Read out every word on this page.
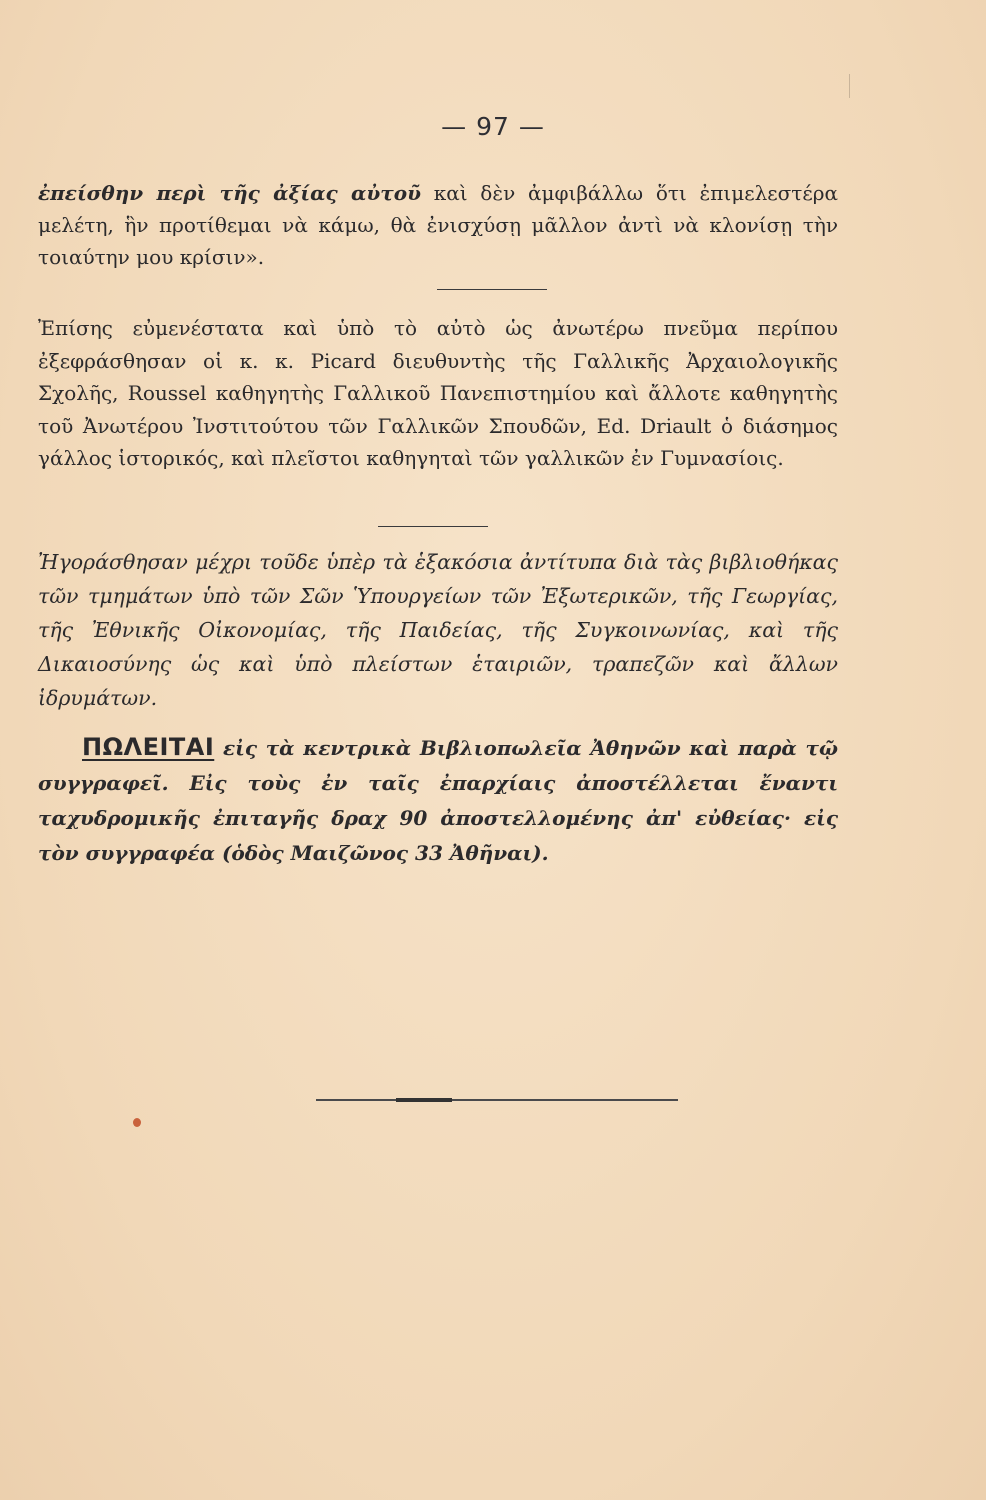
— 97 —
ἐπείσθην περὶ τῆς ἀξίας αὐτοῦ καὶ δὲν ἀμφιβάλλω ὅτι ἐπιμελεστέρα μελέτη, ἣν προτίθεμαι νὰ κάμω, θὰ ἐνισχύσῃ μᾶλλον ἀντὶ νὰ κλονίσῃ τὴν τοιαύτην μου κρίσιν».
Ἐπίσης εὐμενέστατα καὶ ὑπὸ τὸ αὐτὸ ὡς ἀνωτέρω πνεῦμα περίπου ἐξεφράσθησαν οἱ κ. κ. Picard διευθυντὴς τῆς Γαλλικῆς Ἀρχαιολογικῆς Σχολῆς, Roussel καθηγητὴς Γαλλικοῦ Πανεπιστημίου καὶ ἄλλοτε καθηγητὴς τοῦ Ἀνωτέρου Ἰνστιτούτου τῶν Γαλλικῶν Σπουδῶν, Ed. Driault ὁ διάσημος γάλλος ἱστορικός, καὶ πλεῖστοι καθηγηταὶ τῶν γαλλικῶν ἐν Γυμνασίοις.
Ἠγοράσθησαν μέχρι τοῦδε ὑπὲρ τὰ ἑξακόσια ἀντίτυπα διὰ τὰς βιβλιοθήκας τῶν τμημάτων ὑπὸ τῶν Σῶν Ὑπουργείων τῶν Ἐξωτερικῶν, τῆς Γεωργίας, τῆς Ἐθνικῆς Οἰκονομίας, τῆς Παιδείας, τῆς Συγκοινωνίας, καὶ τῆς Δικαιοσύνης ὡς καὶ ὑπὸ πλείστων ἑταιριῶν, τραπεζῶν καὶ ἄλλων ἱδρυμάτων.
ΠΩΛΕΙΤΑΙ εἰς τὰ κεντρικὰ Βιβλιοπωλεῖα Ἀθηνῶν καὶ παρὰ τῷ συγγραφεῖ. Εἰς τοὺς ἐν ταῖς ἐπαρχίαις ἀποστέλλεται ἔναντι ταχυδρομικῆς ἐπιταγῆς δραχ 90 ἀποστελλομένης ἀπ' εὐθείας· εἰς τὸν συγγραφέα (ὁδὸς Μαιζῶνος 33 Ἀθῆναι).
